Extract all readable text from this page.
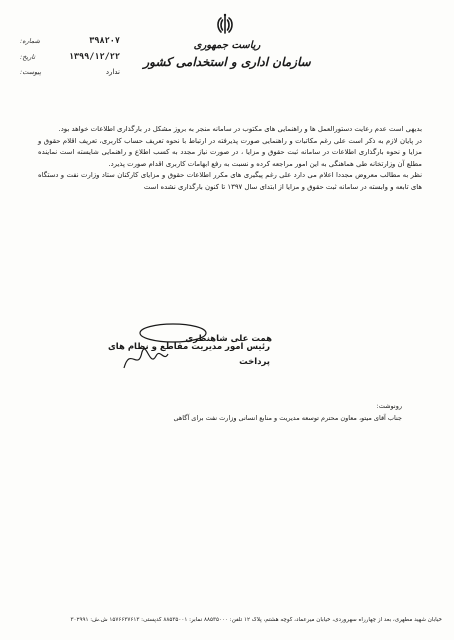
ریاست جمهوری
سازمان اداری و استخدامی کشور
شماره:	۳۹۸۲۰۷
تاریخ:	۱۳۹۹/۱۲/۲۲
پیوست:	ندارد

بدیهی است عدم رعایت دستورالعمل ها و راهنمایی های مکتوب در سامانه منجر به بروز مشکل در بارگذاری اطلاعات خواهد بود.

در پایان لازم به ذکر است علی رغم مکاتبات و راهنمایی صورت پذیرفته در ارتباط با نحوه تعریف حساب کاربری، تعریف اقلام حقوق و مزایا و نحوه بارگذاری اطلاعات در سامانه ثبت حقوق و مزایا ، در صورت نیاز مجدد به کسب اطلاع و راهنمایی شایسته است نماینده مطلع آن وزارتخانه طی هماهنگی به این امور مراجعه کرده و نسبت به رفع ابهامات کاربری اقدام صورت پذیرد.

نظر به مطالب معروض مجددا اعلام می دارد علی رغم پیگیری های مکرر اطلاعات حقوق و مزایای کارکنان ستاد وزارت نفت و دستگاه های تابعه و وابسته در سامانه ثبت حقوق و مزایا از ابتدای سال ۱۳۹۷ تا کنون بارگذاری نشده است

همت علی شاهنظری
رئیس امور مدیریت مقاطع و نظام های پرداخت
رونوشت:
جناب آقای میتو، معاون محترم توسعه مدیریت و منابع انسانی وزارت نفت برای آگاهی
خیابان شهید مطهری، بعد از چهارراه سهروردی، خیابان میرعماد، کوچه هشتم، پلاک ۱۲ تلفن: ۸۸۵۳۵۰۰۰ نمابر: ۸۸۵۳۵۰۰۱ کدپستی: ۱۵۷۶۶۳۷۶۱۳ ش.ش: ۳۰۲۹۹۱
